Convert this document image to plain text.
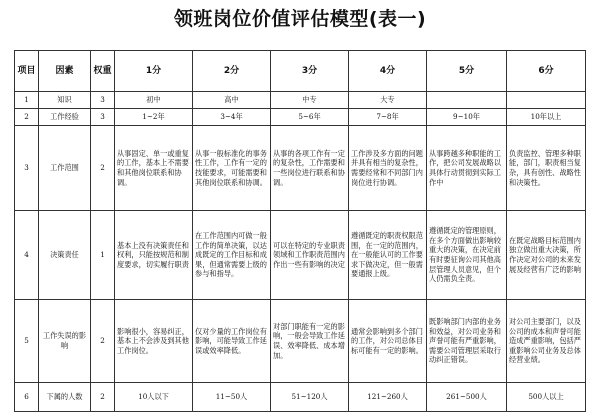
领班岗位价值评估模型(表一)
项目	因素	权重	1分	2分	3分	4分	5分	6分
1	知识	3	初中	高中	中专	大专		
2	工作经验	3	1~2年	3~4年	5~6年	7~8年	9~10年	10年以上
3	工作范围	2	从事固定、单一或重复的工作，基本上不需要和其他岗位联系和协调。	从事一般标准化的事务性工作，工作有一定的技能要求，可能需要和其他岗位联系和协调。	从事的各项工作有一定的复杂性，工作需要和一些岗位进行联系和协调。	工作涉及多方面的问题并具有相当的复杂性，需要经常和不同部门内岗位进行协调。	从事跨越多种职能的工作，把公司发展战略以具体行动贯彻到实际工作中	负责监控、管理多种职能，部门，职责相当复杂，具有创性、战略性和决策性。
4	决策责任	1	基本上没有决策责任和权利，只能按规范和制度要求，切实履行职责	在工作范围内可做一般工作的简单决策，以达成既定的工作目标和成果，但通常需要上级的参与和指导。	可以在特定的专业职责领域和工作职责范围内作出一些有影响的决定	遵循既定的职责权限范围，在一定的范围内，在一般能认可的工作要求下做决定，但一般需要通报上级。	遵循既定的管理原则，在多个方面做出影响较重大的决策，在决定前有时要征询公司其他高层管理人员意见，但个人仍需负全责。	在既定战略目标范围内独立做出重大决策，所作决定对公司的未来发展及经营有广泛的影响
5	工作失误的影响	2	影响很小，容易纠正，基本上不会涉及到其他工作岗位。	仅对少量的工作岗位有影响，可能导致工作延误或效率降低。	对部门职能有一定的影响，一般会导致工作延误、效率降低、成本增加。	通常会影响到多个部门的工作，对公司总体目标可能有一定的影响。	既影响部门内部的业务和效益，对公司业务和声誉可能有严重影响，需要公司管理层采取行动纠正错误。	对公司主要部门，以及公司的成本和声誉可能造成严重影响，包括严重影响公司业务及总体经营业绩。
6	下属的人数	2	10人以下	11~50人	51~120人	121~260人	261~500人	500人以上
